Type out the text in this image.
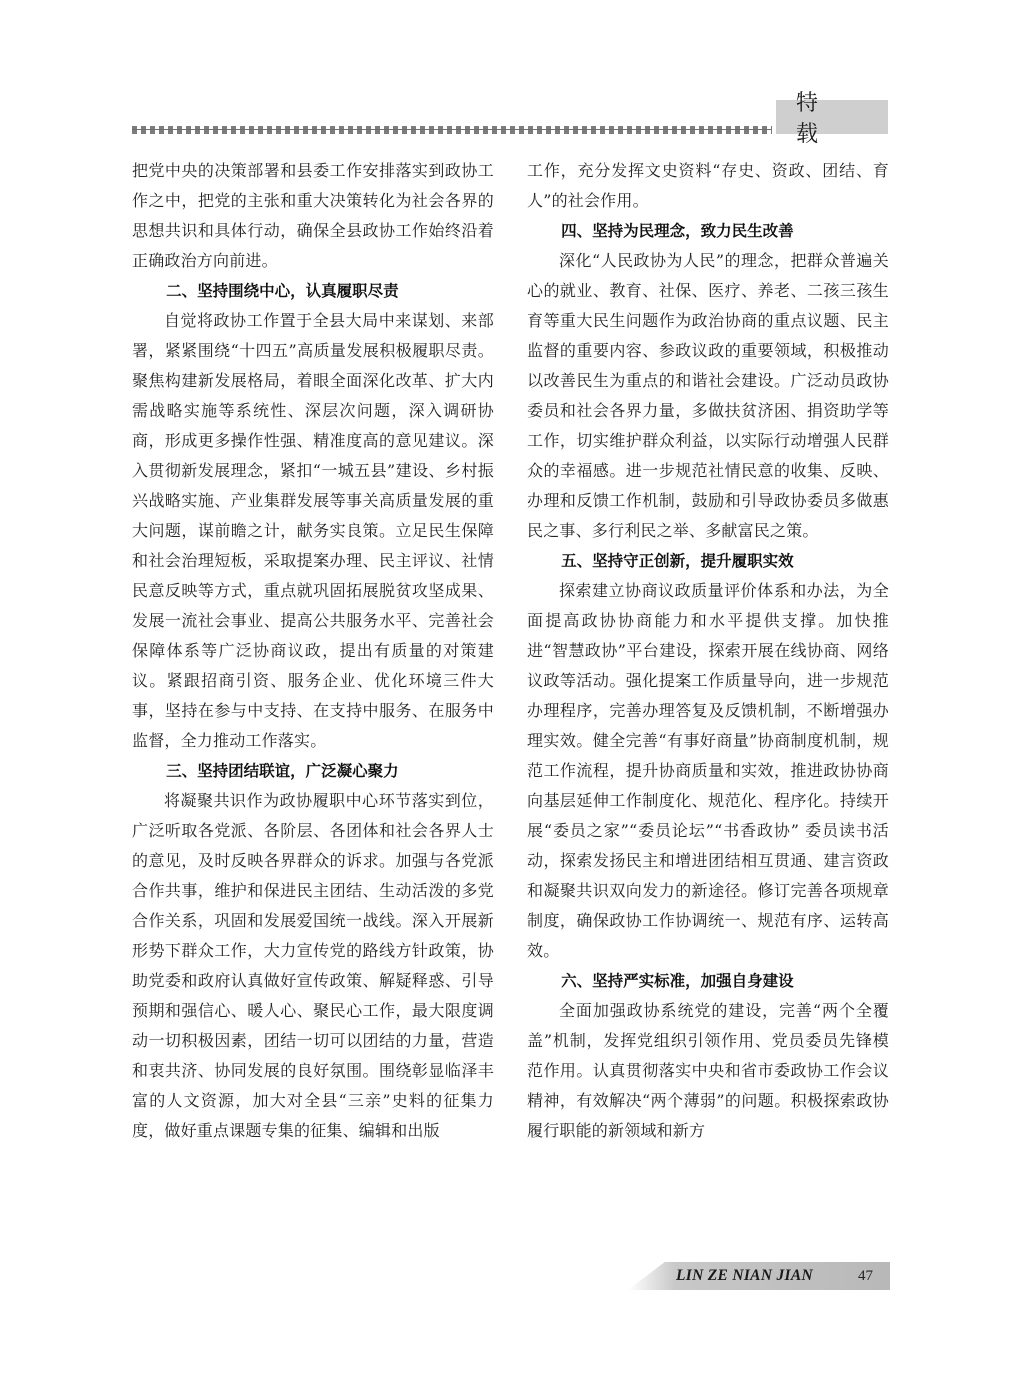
特 载

把党中央的决策部署和县委工作安排落实到政协工作之中，把党的主张和重大决策转化为社会各界的思想共识和具体行动，确保全县政协工作始终沿着正确政治方向前进。

二、坚持围绕中心，认真履职尽责

自觉将政协工作置于全县大局中来谋划、来部署，紧紧围绕“十四五”高质量发展积极履职尽责。聚焦构建新发展格局，着眼全面深化改革、扩大内需战略实施等系统性、深层次问题，深入调研协商，形成更多操作性强、精准度高的意见建议。深入贯彻新发展理念，紧扣“一城五县”建设、乡村振兴战略实施、产业集群发展等事关高质量发展的重大问题，谋前瞻之计，献务实良策。立足民生保障和社会治理短板，采取提案办理、民主评议、社情民意反映等方式，重点就巩固拓展脱贫攻坚成果、发展一流社会事业、提高公共服务水平、完善社会保障体系等广泛协商议政，提出有质量的对策建议。紧跟招商引资、服务企业、优化环境三件大事，坚持在参与中支持、在支持中服务、在服务中监督，全力推动工作落实。

三、坚持团结联谊，广泛凝心聚力

将凝聚共识作为政协履职中心环节落实到位，广泛听取各党派、各阶层、各团体和社会各界人士的意见，及时反映各界群众的诉求。加强与各党派合作共事，维护和保进民主团结、生动活泼的多党合作关系，巩固和发展爱国统一战线。深入开展新形势下群众工作，大力宣传党的路线方针政策，协助党委和政府认真做好宣传政策、解疑释惑、引导预期和强信心、暖人心、聚民心工作，最大限度调动一切积极因素，团结一切可以团结的力量，营造和衷共济、协同发展的良好氛围。围绕彰显临泽丰富的人文资源，加大对全县“三亲”史料的征集力度，做好重点课题专集的征集、编辑和出版

工作，充分发挥文史资料“存史、资政、团结、育人”的社会作用。

四、坚持为民理念，致力民生改善

深化“人民政协为人民”的理念，把群众普遍关心的就业、教育、社保、医疗、养老、二孩三孩生育等重大民生问题作为政治协商的重点议题、民主监督的重要内容、参政议政的重要领域，积极推动以改善民生为重点的和谐社会建设。广泛动员政协委员和社会各界力量，多做扶贫济困、捐资助学等工作，切实维护群众利益，以实际行动增强人民群众的幸福感。进一步规范社情民意的收集、反映、办理和反馈工作机制，鼓励和引导政协委员多做惠民之事、多行利民之举、多献富民之策。

五、坚持守正创新，提升履职实效

探索建立协商议政质量评价体系和办法，为全面提高政协协商能力和水平提供支撑。加快推进“智慧政协”平台建设，探索开展在线协商、网络议政等活动。强化提案工作质量导向，进一步规范办理程序，完善办理答复及反馈机制，不断增强办理实效。健全完善“有事好商量”协商制度机制，规范工作流程，提升协商质量和实效，推进政协协商向基层延伸工作制度化、规范化、程序化。持续开展“委员之家”“委员论坛”“书香政协” 委员读书活动，探索发扬民主和增进团结相互贯通、建言资政和凝聚共识双向发力的新途径。修订完善各项规章制度，确保政协工作协调统一、规范有序、运转高效。

六、坚持严实标准，加强自身建设

全面加强政协系统党的建设，完善“两个全覆盖”机制，发挥党组织引领作用、党员委员先锋模范作用。认真贯彻落实中央和省市委政协工作会议精神，有效解决“两个薄弱”的问题。积极探索政协履行职能的新领域和新方

LIN ZE NIAN JIAN	47
